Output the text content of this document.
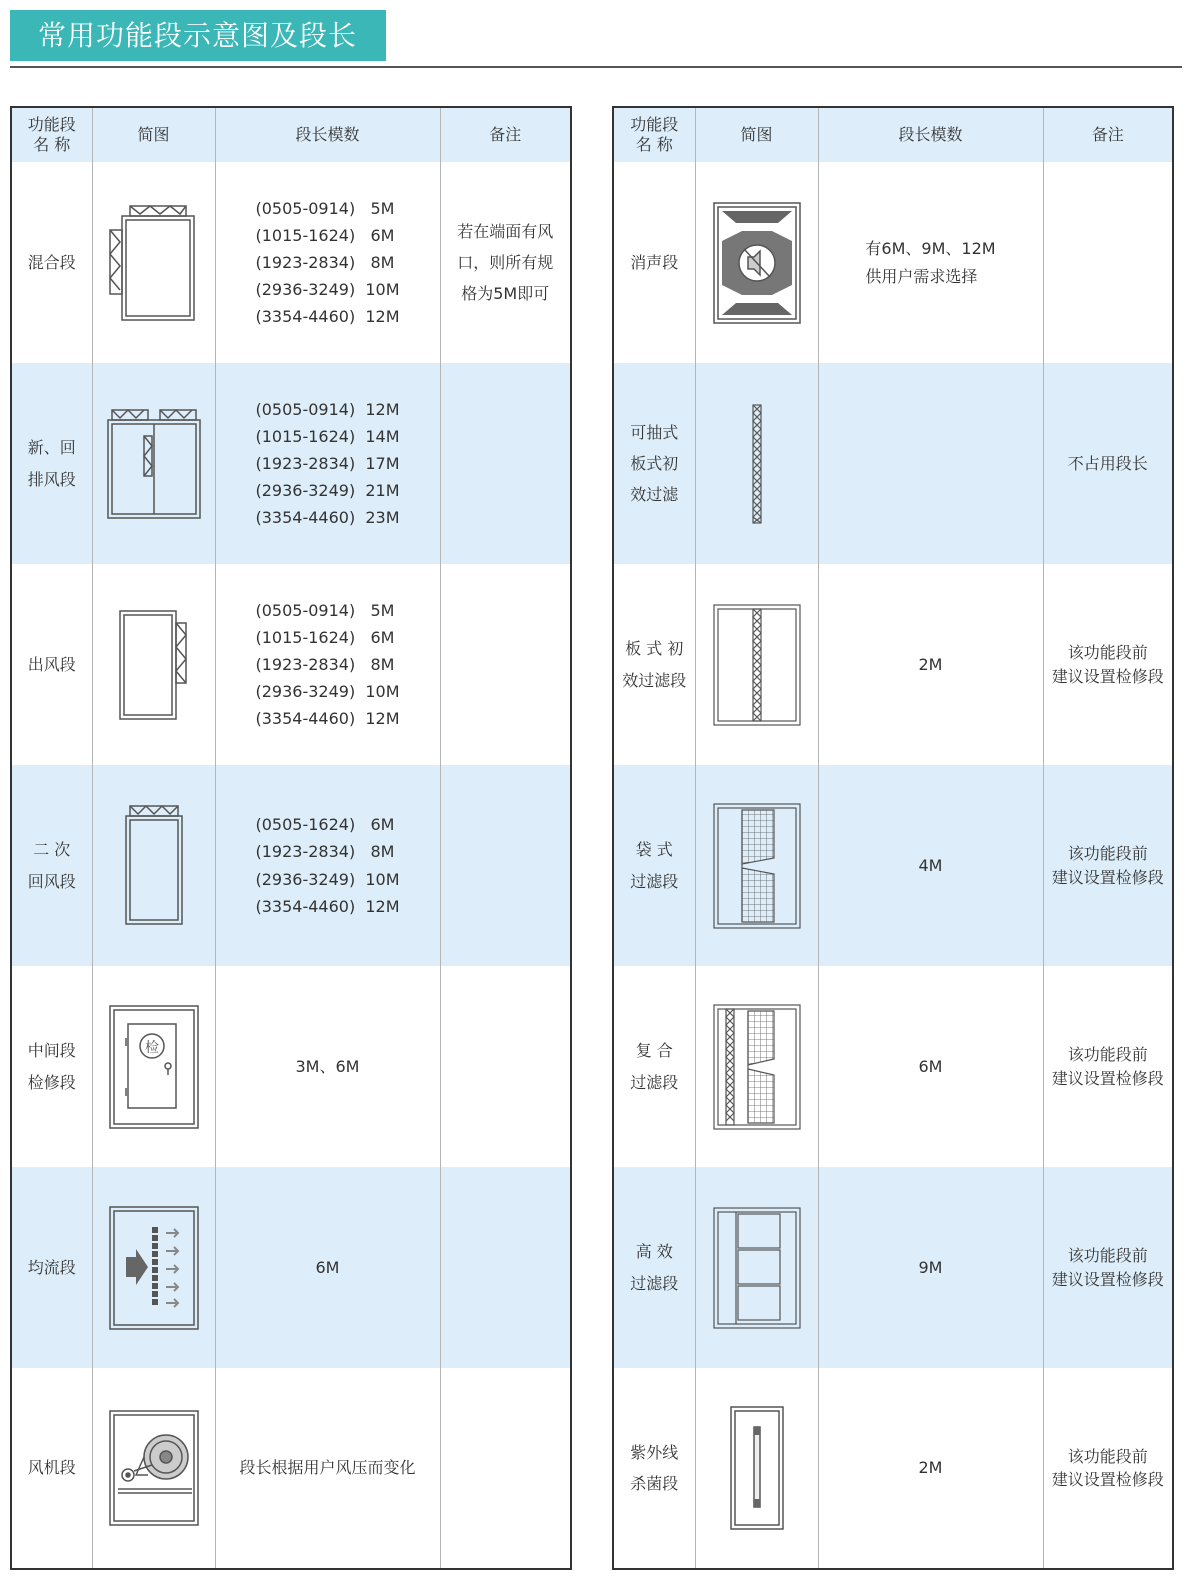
常用功能段示意图及段长
功能段
名 称	简图	段长模数	备注
混合段		(0505-0914)   5M
(1015-1624)   6M
(1923-2834)   8M
(2936-3249)  10M
(3354-4460)  12M	若在端面有风
口，则所有规
格为5M即可
新、回
排风段		(0505-0914)  12M
(1015-1624)  14M
(1923-2834)  17M
(2936-3249)  21M
(3354-4460)  23M	
出风段		(0505-0914)   5M
(1015-1624)   6M
(1923-2834)   8M
(2936-3249)  10M
(3354-4460)  12M	
二 次
回风段		(0505-1624)   6M
(1923-2834)   8M
(2936-3249)  10M
(3354-4460)  12M	
中间段
检修段	检	3M、6M	
均流段		6M	
风机段		段长根据用户风压而变化	
功能段
名 称	简图	段长模数	备注
消声段		有6M、9M、12M
供用户需求选择	
可抽式
板式初
效过滤			不占用段长
板 式 初
效过滤段		2M	该功能段前
建议设置检修段
袋 式
过滤段		4M	该功能段前
建议设置检修段
复 合
过滤段		6M	该功能段前
建议设置检修段
高 效
过滤段		9M	该功能段前
建议设置检修段
紫外线
杀菌段		2M	该功能段前
建议设置检修段
